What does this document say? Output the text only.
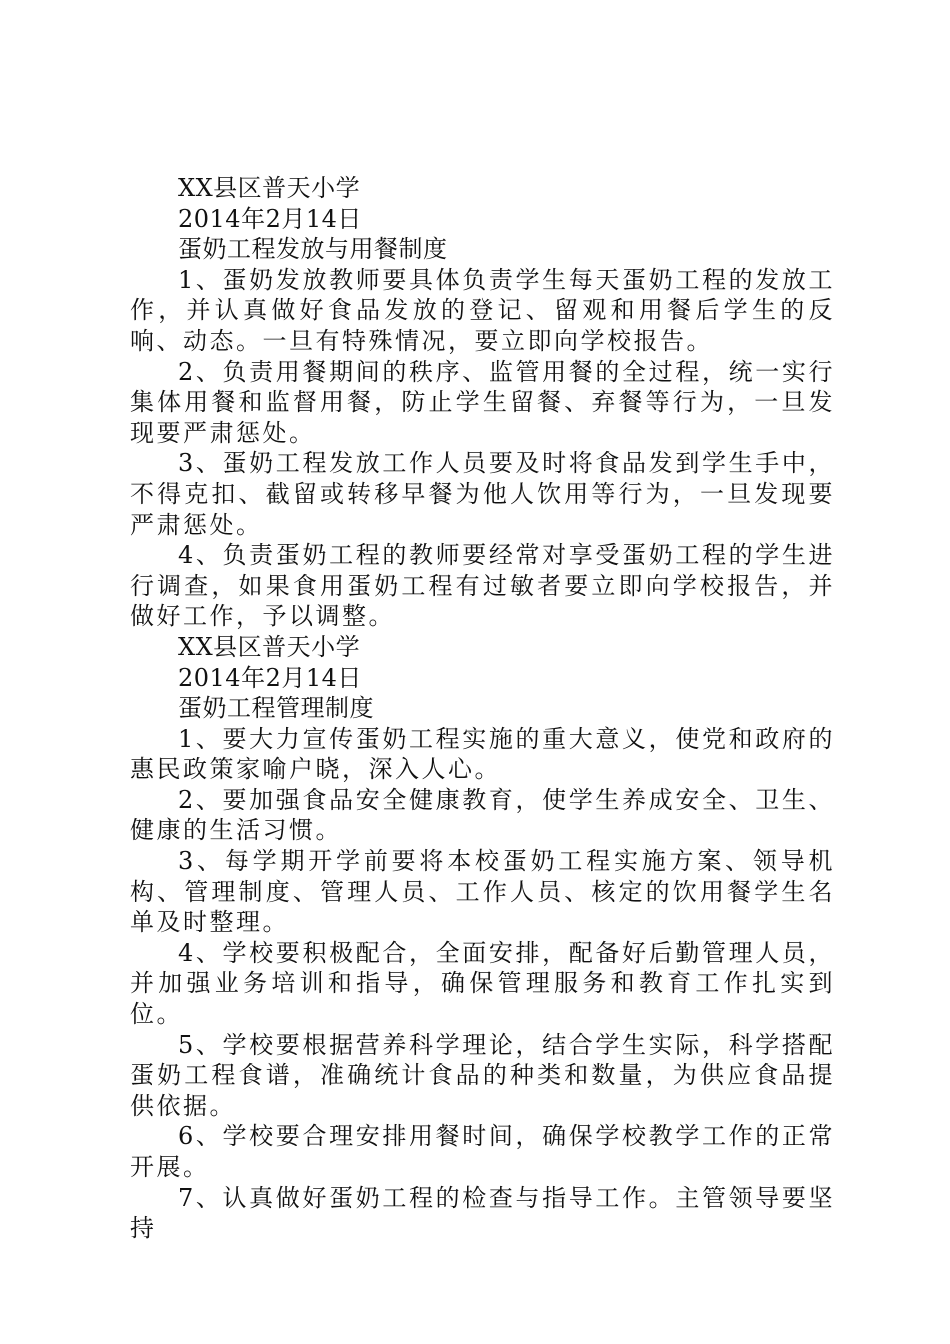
XX县区普天小学

2014年2月14日

蛋奶工程发放与用餐制度

1、蛋奶发放教师要具体负责学生每天蛋奶工程的发放工作，并认真做好食品发放的登记、留观和用餐后学生的反响、动态。一旦有特殊情况，要立即向学校报告。

2、负责用餐期间的秩序、监管用餐的全过程，统一实行集体用餐和监督用餐，防止学生留餐、弃餐等行为，一旦发现要严肃惩处。

3、蛋奶工程发放工作人员要及时将食品发到学生手中，不得克扣、截留或转移早餐为他人饮用等行为，一旦发现要严肃惩处。

4、负责蛋奶工程的教师要经常对享受蛋奶工程的学生进行调查，如果食用蛋奶工程有过敏者要立即向学校报告，并做好工作，予以调整。

XX县区普天小学

2014年2月14日

蛋奶工程管理制度

1、要大力宣传蛋奶工程实施的重大意义，使党和政府的惠民政策家喻户晓，深入人心。

2、要加强食品安全健康教育，使学生养成安全、卫生、健康的生活习惯。

3、每学期开学前要将本校蛋奶工程实施方案、领导机构、管理制度、管理人员、工作人员、核定的饮用餐学生名单及时整理。

4、学校要积极配合，全面安排，配备好后勤管理人员，并加强业务培训和指导，确保管理服务和教育工作扎实到位。

5、学校要根据营养科学理论，结合学生实际，科学搭配蛋奶工程食谱，准确统计食品的种类和数量，为供应食品提供依据。

6、学校要合理安排用餐时间，确保学校教学工作的正常开展。

7、认真做好蛋奶工程的检查与指导工作。主管领导要坚持
